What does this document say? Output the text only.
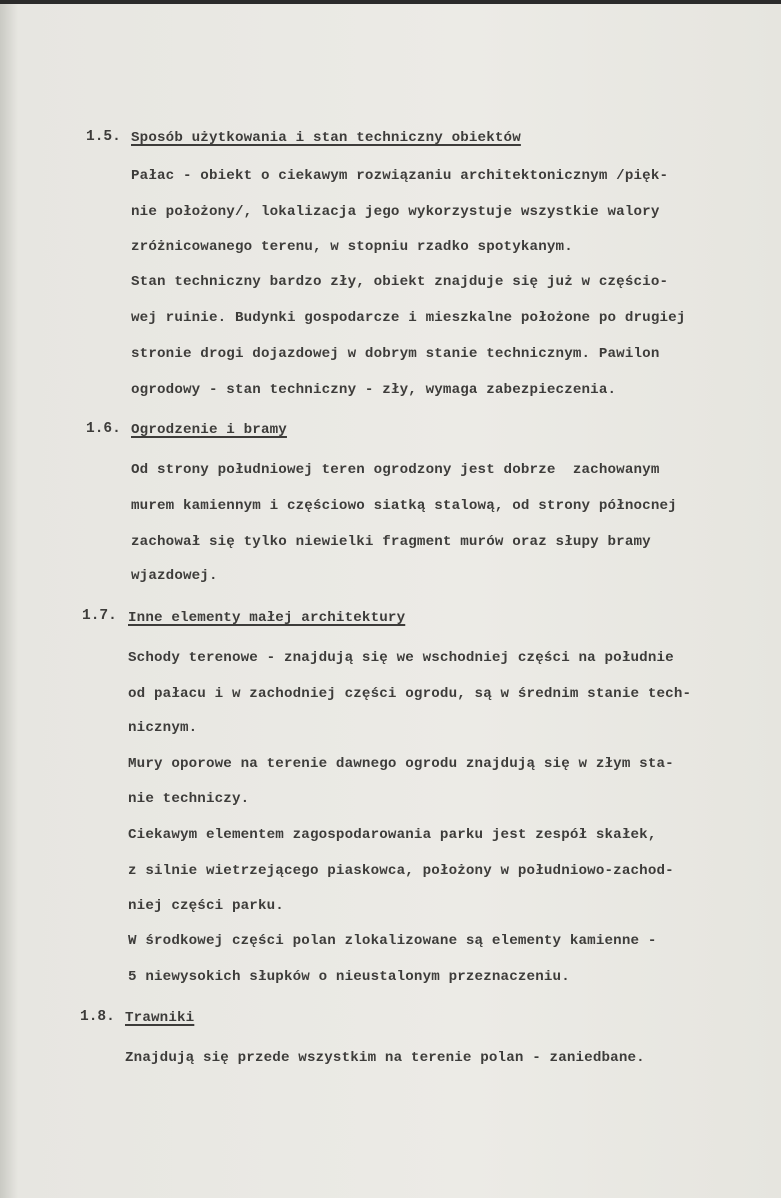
1.5. Sposób użytkowania i stan techniczny obiektów
Pałac - obiekt o ciekawym rozwiązaniu architektonicznym /pięk-
nie położony/, lokalizacja jego wykorzystuje wszystkie walory
zróżnicowanego terenu, w stopniu rzadko spotykanym.
Stan techniczny bardzo zły, obiekt znajduje się już w częścio-
wej ruinie. Budynki gospodarcze i mieszkalne położone po drugiej
stronie drogi dojazdowej w dobrym stanie technicznym. Pawilon
ogrodowy - stan techniczny - zły, wymaga zabezpieczenia.
1.6. Ogrodzenie i bramy
Od strony południowej teren ogrodzony jest dobrze  zachowanym
murem kamiennym i częściowo siatką stalową, od strony północnej
zachował się tylko niewielki fragment murów oraz słupy bramy
wjazdowej.
1.7. Inne elementy małej architektury
Schody terenowe - znajdują się we wschodniej części na południe
od pałacu i w zachodniej części ogrodu, są w średnim stanie tech-
nicznym.
Mury oporowe na terenie dawnego ogrodu znajdują się w złym sta-
nie techniczy.
Ciekawym elementem zagospodarowania parku jest zespół skałek,
z silnie wietrzejącego piaskowca, położony w południowo-zachod-
niej części parku.
W środkowej części polan zlokalizowane są elementy kamienne -
5 niewysokich słupków o nieustalonym przeznaczeniu.
1.8. Trawniki
Znajdują się przede wszystkim na terenie polan - zaniedbane.
